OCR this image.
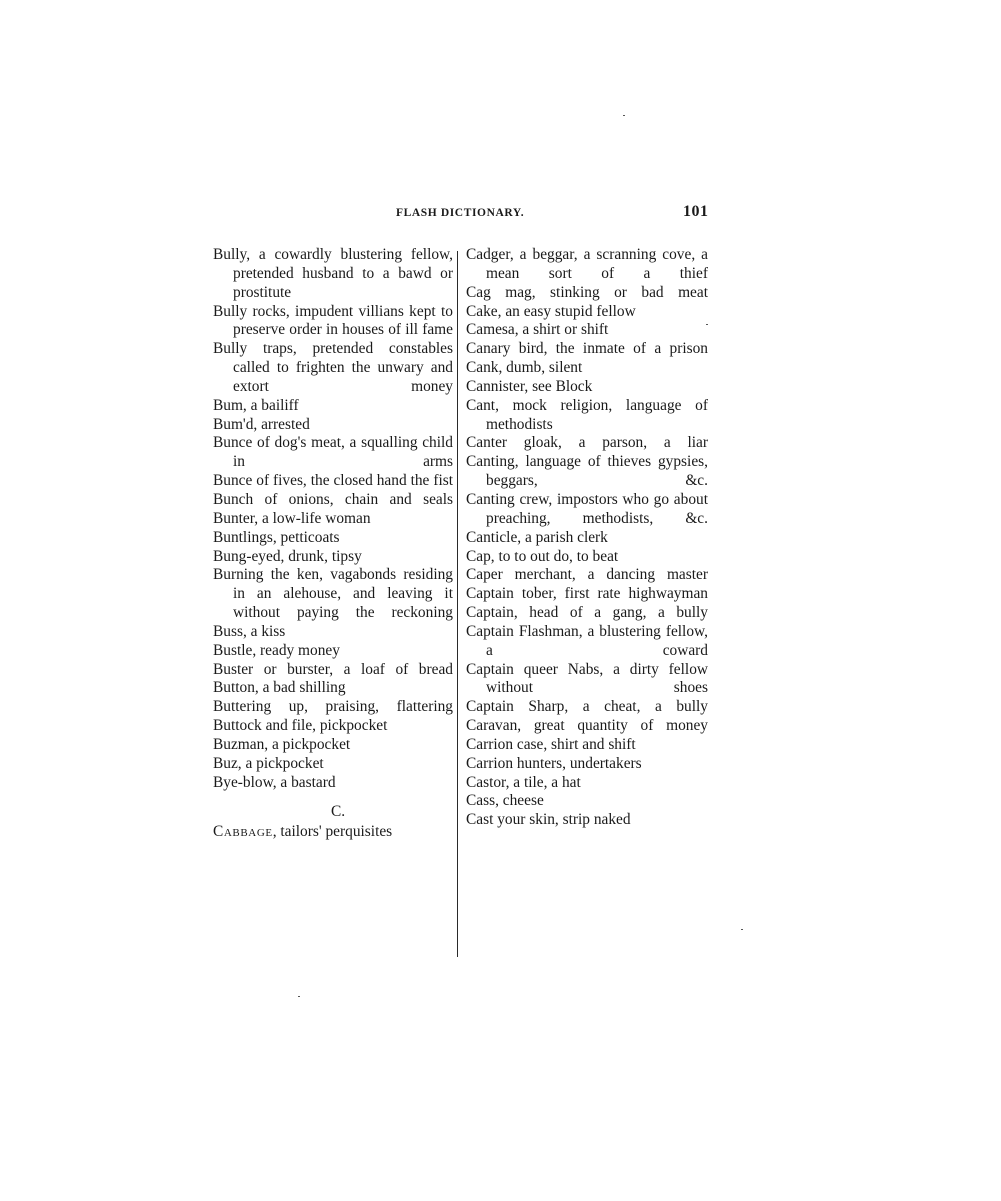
FLASH DICTIONARY.	101
Bully, a cowardly blustering fellow, pretended husband to a bawd or prostitute
Bully rocks, impudent villians kept to preserve order in houses of ill fame
Bully traps, pretended constables called to frighten the unwary and extort money
Bum, a bailiff
Bum'd, arrested
Bunce of dog's meat, a squalling child in arms
Bunce of fives, the closed hand the fist
Bunch of onions, chain and seals
Bunter, a low-life woman
Buntlings, petticoats
Bung-eyed, drunk, tipsy
Burning the ken, vagabonds residing in an alehouse, and leaving it without paying the reckoning
Buss, a kiss
Bustle, ready money
Buster or burster, a loaf of bread
Button, a bad shilling
Buttering up, praising, flattering
Buttock and file, pickpocket
Buzman, a pickpocket
Buz, a pickpocket
Bye-blow, a bastard
C.
Cabbage, tailors' perquisites
Cadger, a beggar, a scranning cove, a mean sort of a thief
Cag mag, stinking or bad meat
Cake, an easy stupid fellow
Camesa, a shirt or shift
Canary bird, the inmate of a prison
Cank, dumb, silent
Cannister, see Block
Cant, mock religion, language of methodists
Canter gloak, a parson, a liar
Canting, language of thieves gypsies, beggars, &c.
Canting crew, impostors who go about preaching, methodists, &c.
Canticle, a parish clerk
Cap, to to out do, to beat
Caper merchant, a dancing master
Captain tober, first rate highwayman
Captain, head of a gang, a bully
Captain Flashman, a blustering fellow, a coward
Captain queer Nabs, a dirty fellow without shoes
Captain Sharp, a cheat, a bully
Caravan, great quantity of money
Carrion case, shirt and shift
Carrion hunters, undertakers
Castor, a tile, a hat
Cass, cheese
Cast your skin, strip naked
